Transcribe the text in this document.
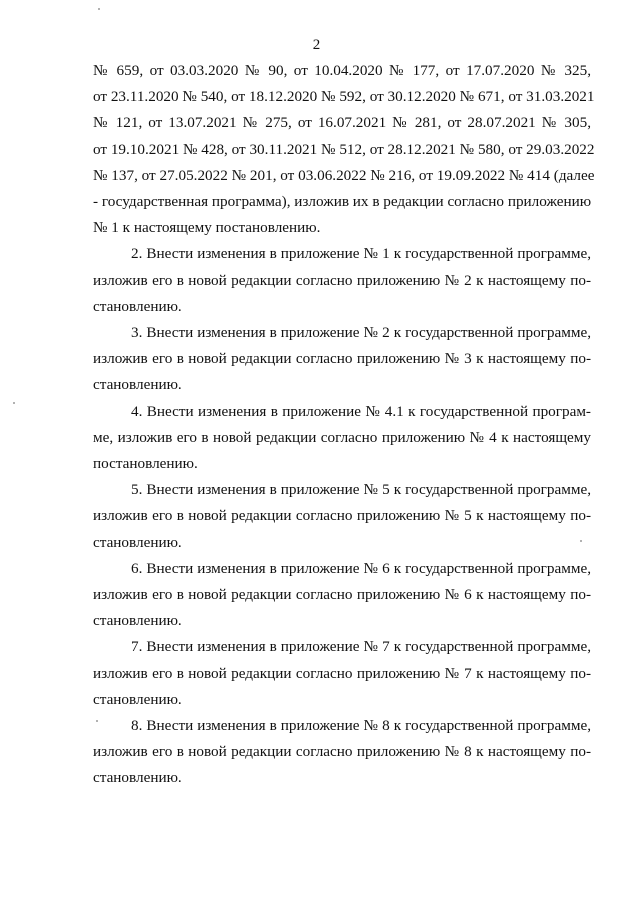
2
№ 659, от 03.03.2020 № 90, от 10.04.2020 № 177, от 17.07.2020 № 325,
от 23.11.2020 № 540, от 18.12.2020 № 592, от 30.12.2020 № 671, от 31.03.2021
№ 121, от 13.07.2021 № 275, от 16.07.2021 № 281, от 28.07.2021 № 305,
от 19.10.2021 № 428, от 30.11.2021 № 512, от 28.12.2021 № 580, от 29.03.2022
№ 137, от 27.05.2022 № 201, от 03.06.2022 № 216, от 19.09.2022 № 414 (далее
- государственная программа), изложив их в редакции согласно приложению
№ 1 к настоящему постановлению.
2. Внести изменения в приложение № 1 к государственной программе,
изложив его в новой редакции согласно приложению № 2 к настоящему по-
становлению.
3. Внести изменения в приложение № 2 к государственной программе,
изложив его в новой редакции согласно приложению № 3 к настоящему по-
становлению.
4. Внести изменения в приложение № 4.1 к государственной програм-
ме, изложив его в новой редакции согласно приложению № 4 к настоящему
постановлению.
5. Внести изменения в приложение № 5 к государственной программе,
изложив его в новой редакции согласно приложению № 5 к настоящему по-
становлению.
6. Внести изменения в приложение № 6 к государственной программе,
изложив его в новой редакции согласно приложению № 6 к настоящему по-
становлению.
7. Внести изменения в приложение № 7 к государственной программе,
изложив его в новой редакции согласно приложению № 7 к настоящему по-
становлению.
8. Внести изменения в приложение № 8 к государственной программе,
изложив его в новой редакции согласно приложению № 8 к настоящему по-
становлению.
